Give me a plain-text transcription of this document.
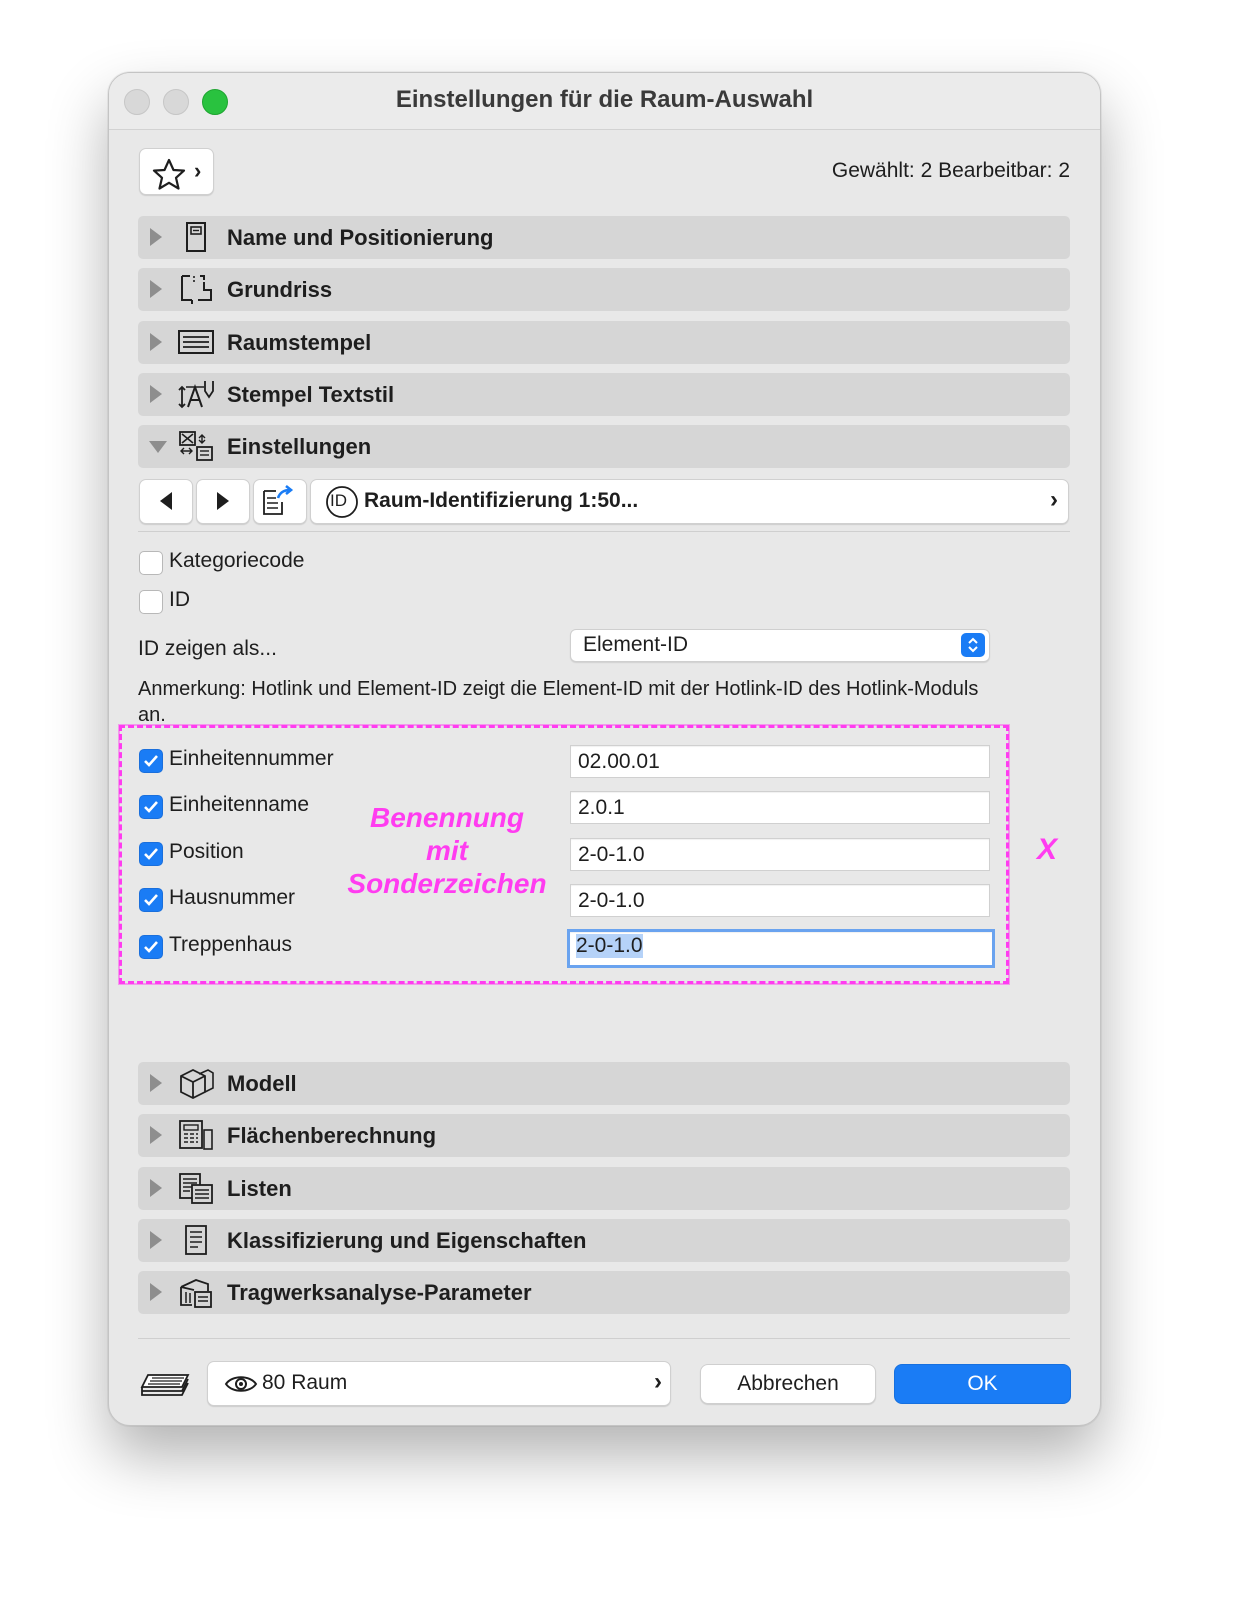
Einstellungen für die Raum-Auswahl
›	Gewählt: 2 Bearbeitbar: 2
Name und Positionierung
Grundriss
Raumstempel
Stempel Textstil
Einstellungen
ID Raum-Identifizierung 1:50...	›
Kategoriecode
ID
ID zeigen als...	Element-ID
Anmerkung: Hotlink und Element-ID zeigt die Element-ID mit der Hotlink-ID des Hotlink-Moduls an.
Einheitennummer	02.00.01
Einheitenname	2.0.1
Position	2-0-1.0
Hausnummer	2-0-1.0
Treppenhaus	2-0-1.0
Benennung
mit
Sonderzeichen
X
Modell
Flächenberechnung
Listen
Klassifizierung und Eigenschaften
Tragwerksanalyse-Parameter
80 Raum	›	Abbrechen	OK
